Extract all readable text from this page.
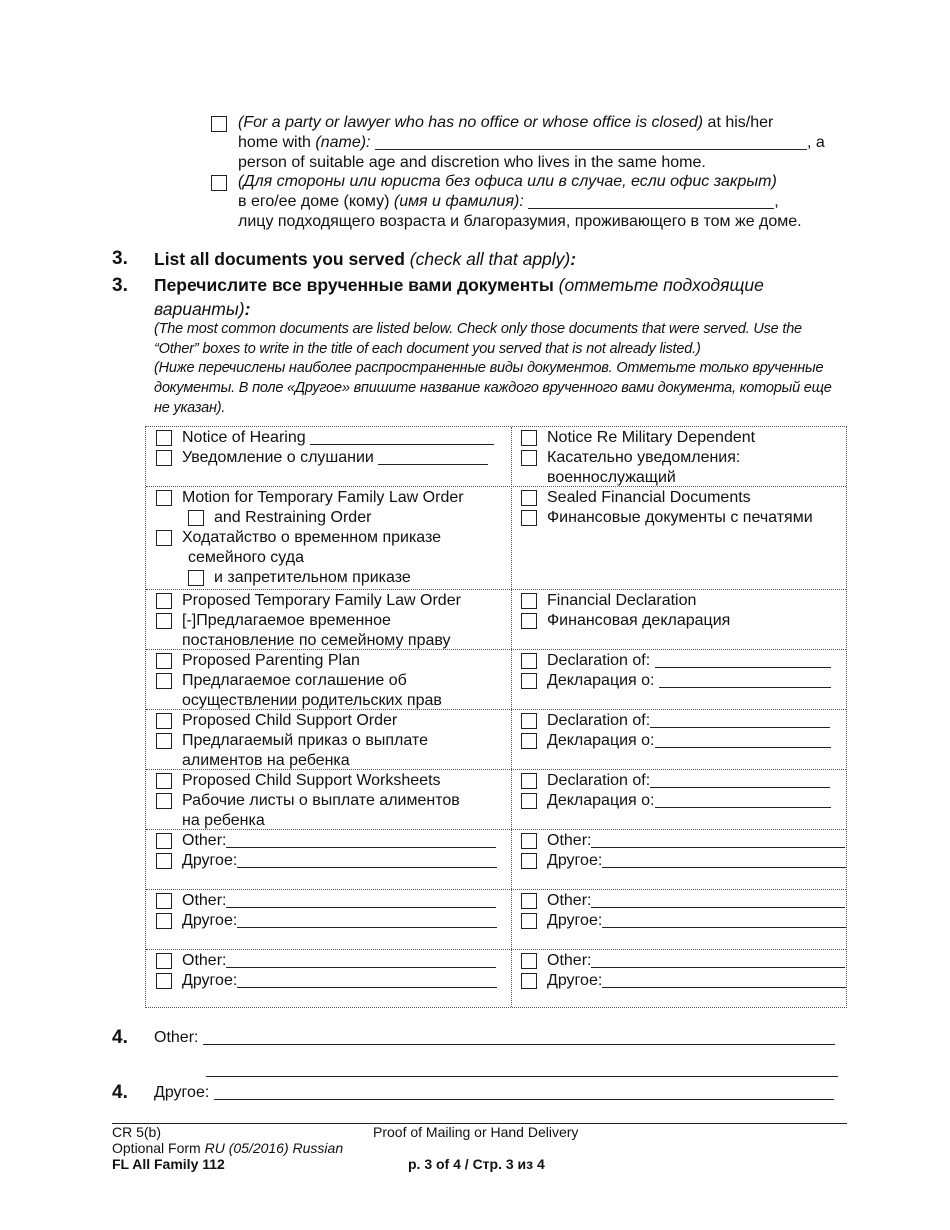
(For a party or lawyer who has no office or whose office is closed) at his/her
home with (name):	, a
person of suitable age and discretion who lives in the same home.
(Для стороны или юриста без офиса или в случае, если офис закрыт)
в его/ее доме (кому) (имя и фамилия):	,
лицу подходящего возраста и благоразумия, проживающего в том же доме.
3. List all documents you served (check all that apply):
3. Перечислите все врученные вами документы (отметьте подходящие
варианты):
(The most common documents are listed below. Check only those documents that were served. Use the “Other” boxes to write in the title of each document you served that is not already listed.)
(Ниже перечислены наиболее распространенные виды документов. Отметьте только врученные документы. В поле «Другое» впишите название каждого врученного вами документа, который еще не указан).
Notice of Hearing
Уведомление о слушании
Notice Re Military Dependent
Касательно уведомления:
военнослужащий
Motion for Temporary Family Law Order
and Restraining Order
Ходатайство о временном приказе
семейного суда
и запретительном приказе
Sealed Financial Documents
Финансовые документы с печатями
Proposed Temporary Family Law Order
[-]Предлагаемое временное
постановление по семейному праву
Financial Declaration
Финансовая декларация
Proposed Parenting Plan
Предлагаемое соглашение об
осуществлении родительских прав
Declaration of:
Декларация о:
Proposed Child Support Order
Предлагаемый приказ о выплате
алиментов на ребенка
Declaration of:
Декларация о:
Proposed Child Support Worksheets
Рабочие листы о выплате алиментов
на ребенка
Declaration of:
Декларация о:
Other:
Другое:
Other:
Другое:
Other:
Другое:
Other:
Другое:
Other:
Другое:
Other:
Другое:
4. Other:
4. Другое:
CR 5(b)
Optional Form RU (05/2016) Russian
FL All Family 112
Proof of Mailing or Hand Delivery
p. 3 of 4 / Стр. 3 из 4
